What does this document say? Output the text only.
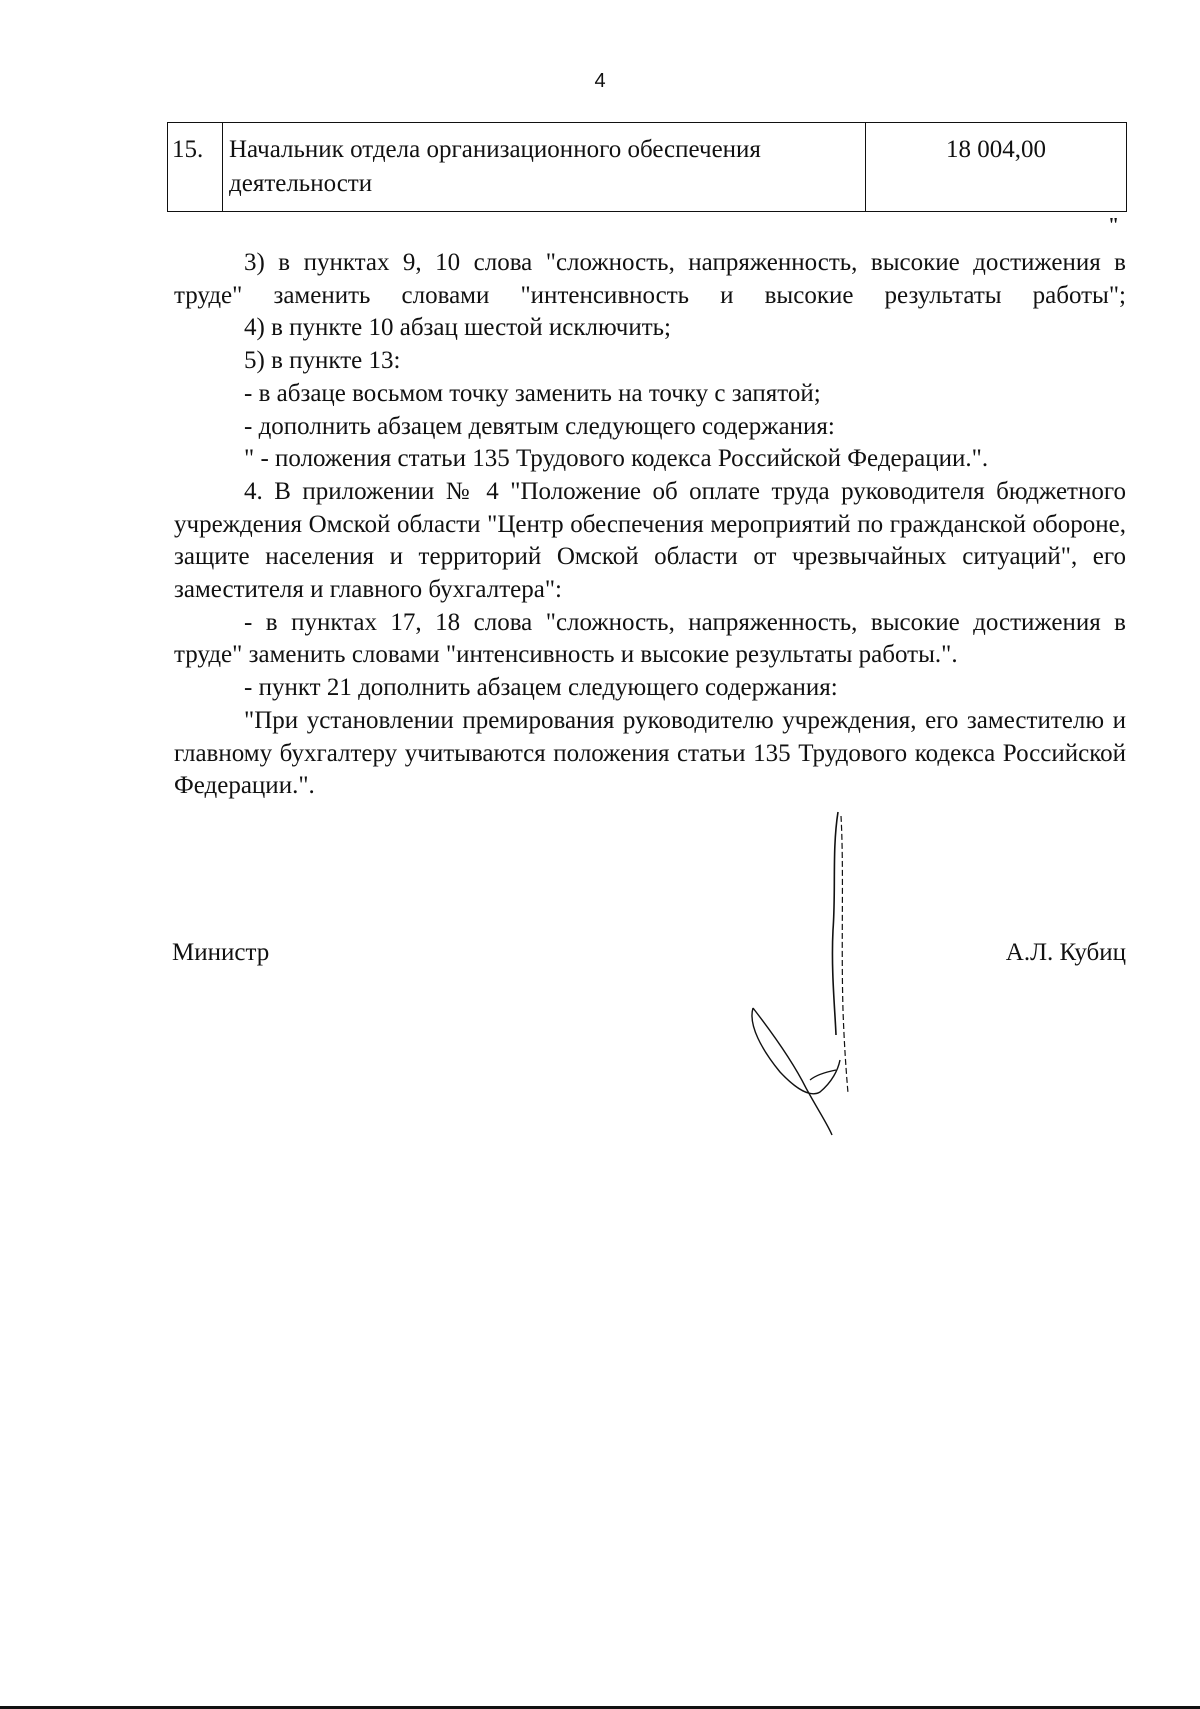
4
15.	Начальник отдела организационного обеспечения деятельности	18 004,00
"

3) в пунктах 9, 10 слова "сложность, напряженность, высокие достижения в труде" заменить словами "интенсивность и высокие результаты работы";

4) в пункте 10 абзац шестой исключить;

5) в пункте 13:

- в абзаце восьмом точку заменить на точку с запятой;

- дополнить абзацем девятым следующего содержания:

" - положения статьи 135 Трудового кодекса Российской Федерации.".

4. В приложении № 4 "Положение об оплате труда руководителя бюджетного учреждения Омской области "Центр обеспечения мероприятий по гражданской обороне, защите населения и территорий Омской области от чрезвычайных ситуаций", его заместителя и главного бухгалтера":

- в пунктах 17, 18 слова "сложность, напряженность, высокие достижения в труде" заменить словами "интенсивность и высокие результаты работы.".

- пункт 21 дополнить абзацем следующего содержания:

"При установлении премирования руководителю учреждения, его заместителю и главному бухгалтеру учитываются положения статьи 135 Трудового кодекса Российской Федерации.".

Министр	А.Л. Кубиц
